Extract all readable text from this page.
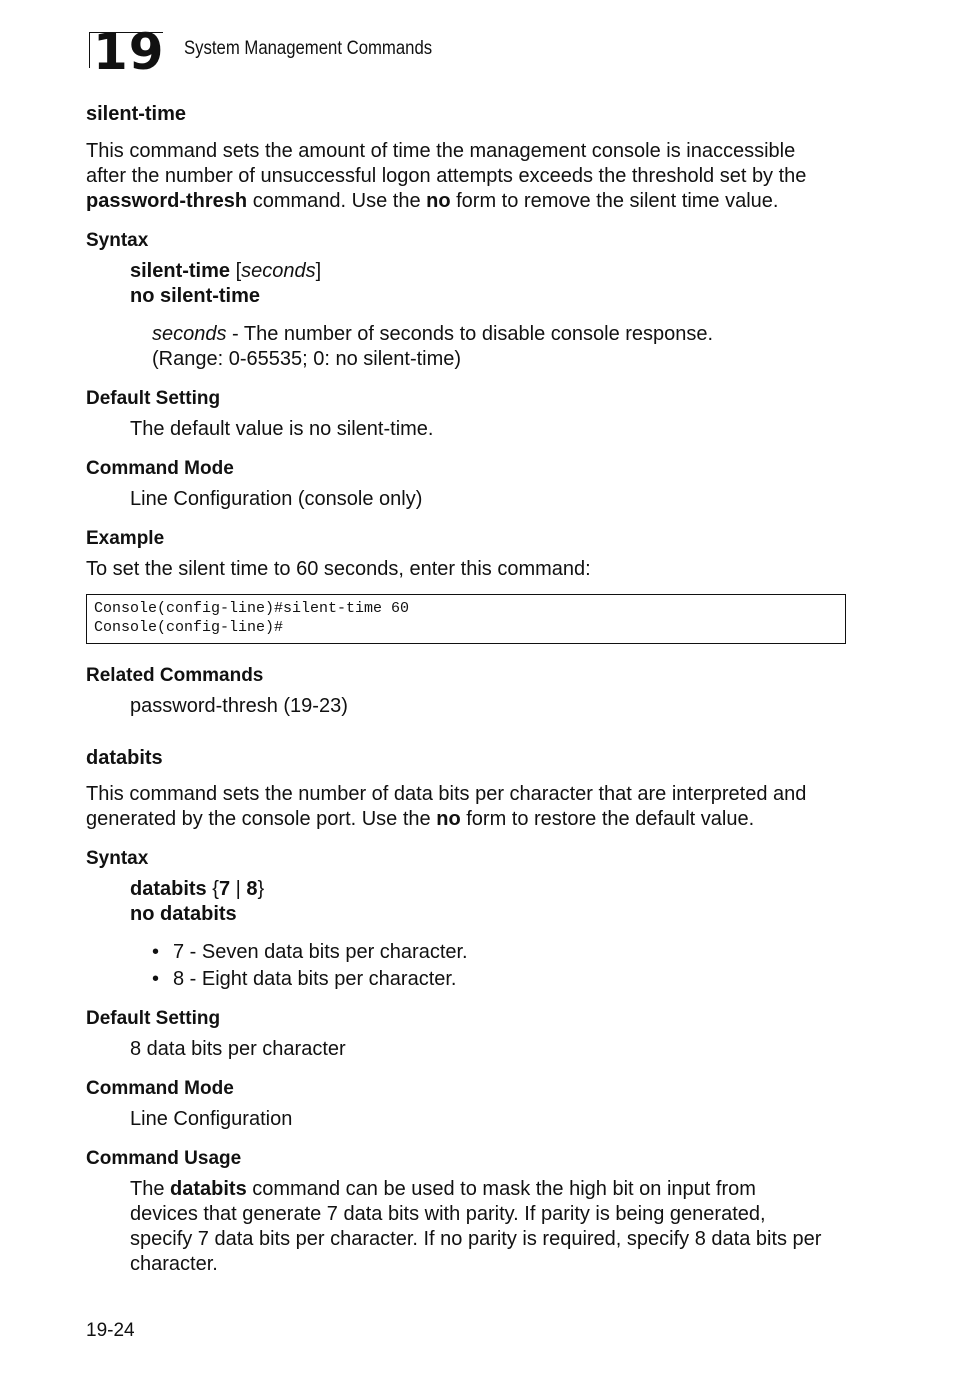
19 System Management Commands
silent-time
This command sets the amount of time the management console is inaccessible
after the number of unsuccessful logon attempts exceeds the threshold set by the
password-thresh command. Use the no form to remove the silent time value.
Syntax
silent-time [seconds]
no silent-time
seconds - The number of seconds to disable console response.
(Range: 0-65535; 0: no silent-time)
Default Setting
The default value is no silent-time.
Command Mode
Line Configuration (console only)
Example
To set the silent time to 60 seconds, enter this command:
Console(config-line)#silent-time 60
Console(config-line)#
Related Commands
password-thresh (19-23)
databits
This command sets the number of data bits per character that are interpreted and
generated by the console port. Use the no form to restore the default value.
Syntax
databits {7 | 8}
no databits
• 7 - Seven data bits per character.
• 8 - Eight data bits per character.
Default Setting
8 data bits per character
Command Mode
Line Configuration
Command Usage
The databits command can be used to mask the high bit on input from
devices that generate 7 data bits with parity. If parity is being generated,
specify 7 data bits per character. If no parity is required, specify 8 data bits per
character.
19-24
